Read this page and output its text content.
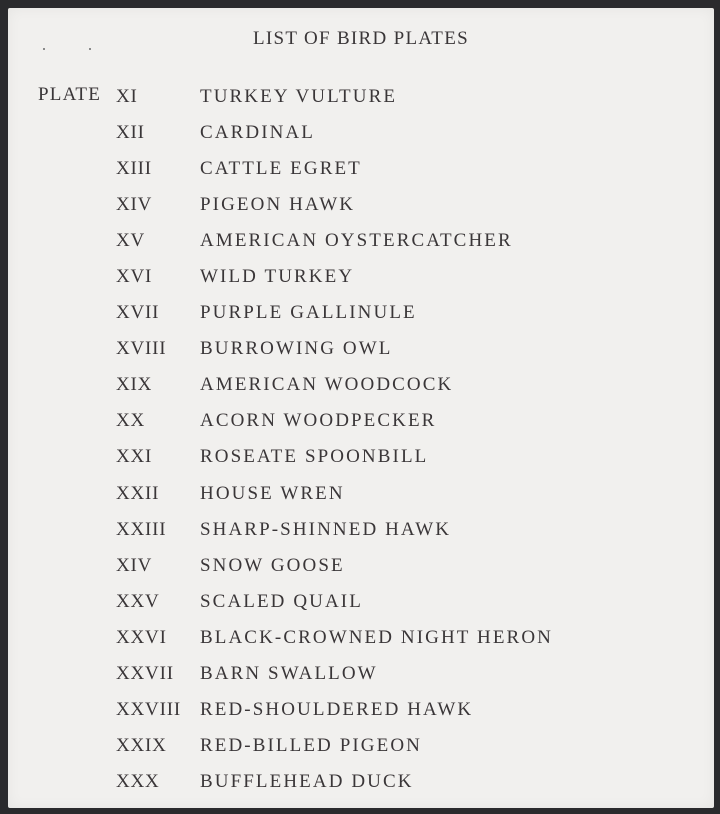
LIST OF BIRD PLATES
PLATE XI	TURKEY VULTURE
XII	CARDINAL
XIII	CATTLE EGRET
XIV	PIGEON HAWK
XV	AMERICAN OYSTERCATCHER
XVI	WILD TURKEY
XVII PURPLE GALLINULE
XVIII BURROWING OWL
XIX	AMERICAN WOODCOCK
XX	ACORN WOODPECKER
XXI	ROSEATE SPOONBILL
XXII HOUSE WREN
XXIII SHARP-SHINNED HAWK
XIV	SNOW GOOSE
XXV SCALED QUAIL
XXVI BLACK-CROWNED NIGHT HERON
XXVII BARN SWALLOW
XXVIII RED-SHOULDERED HAWK
XXIX RED-BILLED PIGEON
XXX BUFFLEHEAD DUCK
